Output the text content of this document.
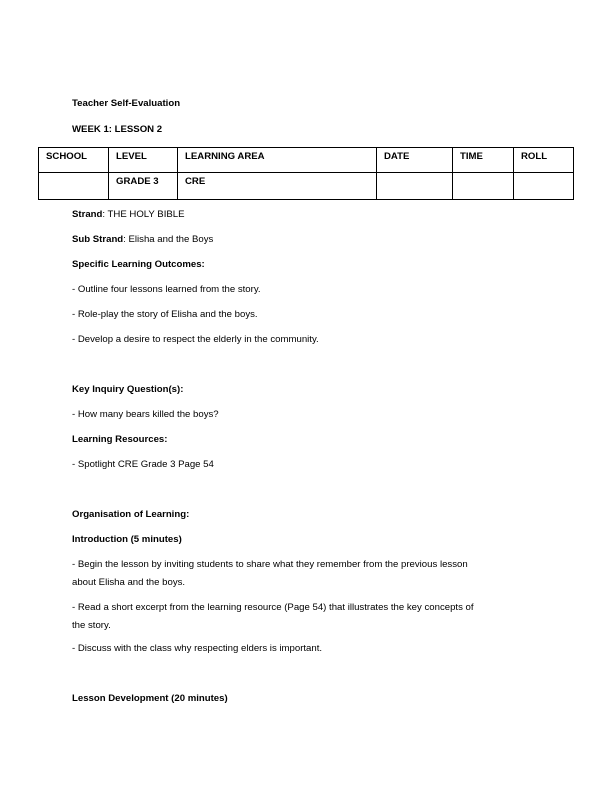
Teacher Self-Evaluation
WEEK 1: LESSON 2
SCHOOL	LEVEL	LEARNING AREA	DATE	TIME	ROLL
	GRADE 3	CRE			
Strand: THE HOLY BIBLE
Sub Strand: Elisha and the Boys
Specific Learning Outcomes:
- Outline four lessons learned from the story.
- Role-play the story of Elisha and the boys.
- Develop a desire to respect the elderly in the community.
Key Inquiry Question(s):
- How many bears killed the boys?
Learning Resources:
- Spotlight CRE Grade 3 Page 54
Organisation of Learning:
Introduction (5 minutes)
- Begin the lesson by inviting students to share what they remember from the previous lesson
about Elisha and the boys.
- Read a short excerpt from the learning resource (Page 54) that illustrates the key concepts of
the story.
- Discuss with the class why respecting elders is important.
Lesson Development (20 minutes)
